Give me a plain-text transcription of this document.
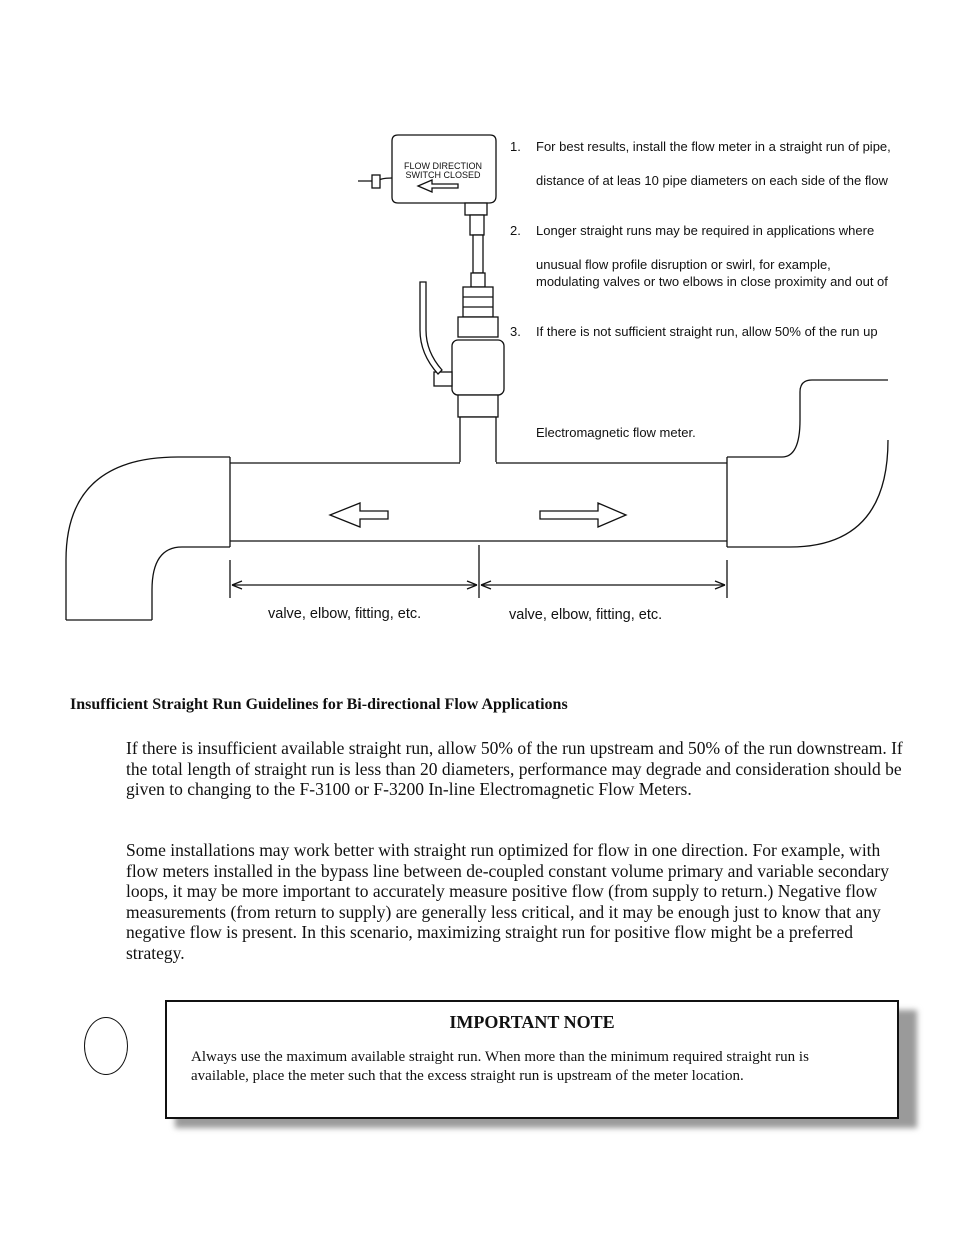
FLOW DIRECTION
SWITCH CLOSED
1. For best results, install the flow meter in a straight run of pipe,
distance of at leas 10 pipe diameters on each side of the flow
2. Longer straight runs may be required in applications where
unusual flow profile disruption or swirl, for example,
modulating valves or two elbows in close proximity and out of
3. If there is not sufficient straight run, allow 50% of the run up
Electromagnetic flow meter.
valve, elbow, fitting, etc.	valve, elbow, fitting, etc.
Insufficient Straight Run Guidelines for Bi-directional Flow Applications

If there is insufficient available straight run, allow 50% of the run upstream and 50% of the run downstream. If the total length of straight run is less than 20 diameters, performance may degrade and consideration should be given to changing to the F-3100 or F-3200 In-line Electromagnetic Flow Meters.

Some installations may work better with straight run optimized for flow in one direction. For example, with flow meters installed in the bypass line between de-coupled constant volume primary and variable secondary loops, it may be more important to accurately measure positive flow (from supply to return.) Negative flow measurements (from return to supply) are generally less critical, and it may be enough just to know that any negative flow is present. In this scenario, maximizing straight run for positive flow might be a preferred strategy.

IMPORTANT NOTE

Always use the maximum available straight run. When more than the minimum required straight run is available, place the meter such that the excess straight run is upstream of the meter location.
